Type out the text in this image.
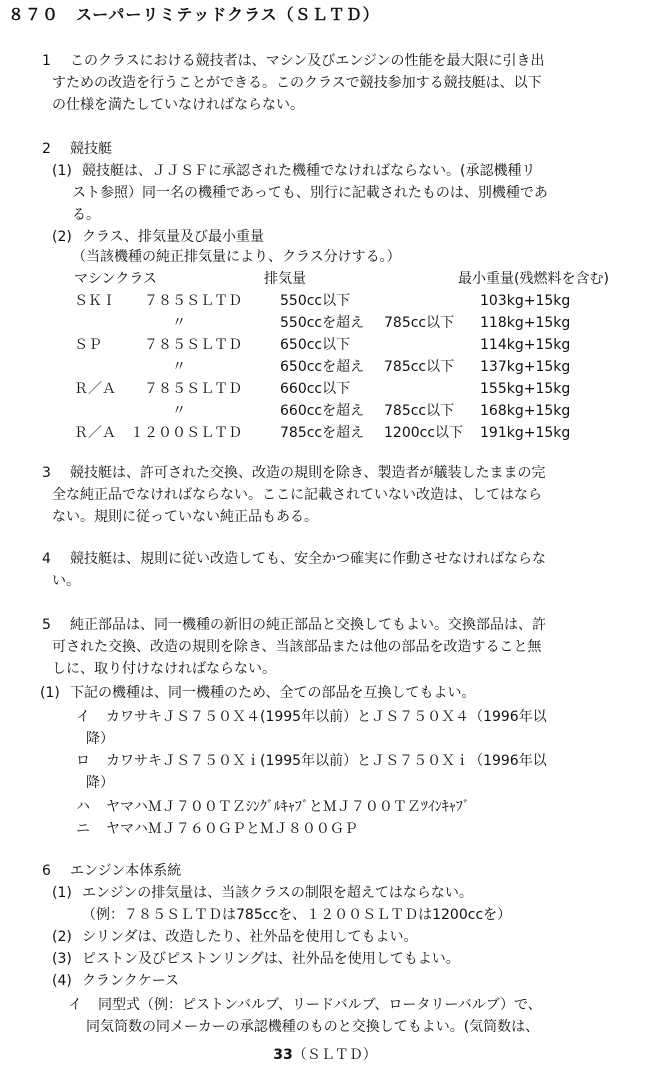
８７０　スーパーリミテッドクラス（ＳＬＴＤ）
1 このクラスにおける競技者は、マシン及びエンジンの性能を最大限に引き出
すための改造を行うことができる。このクラスで競技参加する競技艇は、以下
の仕様を満たしていなければならない。
2 競技艇
(1) 競技艇は、ＪＪＳＦに承認された機種でなければならない。(承認機種リ
スト参照）同一名の機種であっても、別行に記載されたものは、別機種であ
る。
(2) クラス、排気量及び最小重量
（当該機種の純正排気量により、クラス分けする。）
マシンクラス	排気量	最小重量(残燃料を含む)
ＳＫＩ　　７８５ＳＬＴＤ	550cc以下	103kg+15kg
〃	550ccを超え 785cc以下 118kg+15kg
ＳＰ　　　７８５ＳＬＴＤ	650cc以下	114kg+15kg
〃	650ccを超え 785cc以下 137kg+15kg
Ｒ／Ａ　　７８５ＳＬＴＤ	660cc以下	155kg+15kg
〃	660ccを超え 785cc以下 168kg+15kg
Ｒ／Ａ　１２００ＳＬＴＤ	785ccを超え 1200cc以下 191kg+15kg
3 競技艇は、許可された交換、改造の規則を除き、製造者が艤装したままの完
全な純正品でなければならない。ここに記載されていない改造は、してはなら
ない。規則に従っていない純正品もある。
4 競技艇は、規則に従い改造しても、安全かつ確実に作動させなければならな
い。
5 純正部品は、同一機種の新旧の純正部品と交換してもよい。交換部品は、許
可された交換、改造の規則を除き、当該部品または他の部品を改造すること無
しに、取り付けなければならない。
(1) 下記の機種は、同一機種のため、全ての部品を互換してもよい。
イ カワサキＪＳ７５０Ｘ４(1995年以前）とＪＳ７５０Ｘ４（1996年以
降）
ロ カワサキＪＳ７５０Ｘｉ(1995年以前）とＪＳ７５０Ｘｉ（1996年以
降）
ハ ヤマハＭＪ７００ＴＺｼﾝｸﾞﾙｷｬﾌﾞとＭＪ７００ＴＺﾂｲﾝｷｬﾌﾞ
ニ ヤマハＭＪ７６０ＧＰとＭＪ８００ＧＰ
6 エンジン本体系統
(1) エンジンの排気量は、当該クラスの制限を超えてはならない。
（例：７８５ＳＬＴＤは785ccを、１２００ＳＬＴＤは1200ccを）
(2) シリンダは、改造したり、社外品を使用してもよい。
(3) ピストン及びピストンリングは、社外品を使用してもよい。
(4) クランクケース
イ 同型式（例：ピストンバルブ、リードバルブ、ロータリーバルブ）で、
同気筒数の同メーカーの承認機種のものと交換してもよい。(気筒数は、
33（ＳＬＴＤ）
